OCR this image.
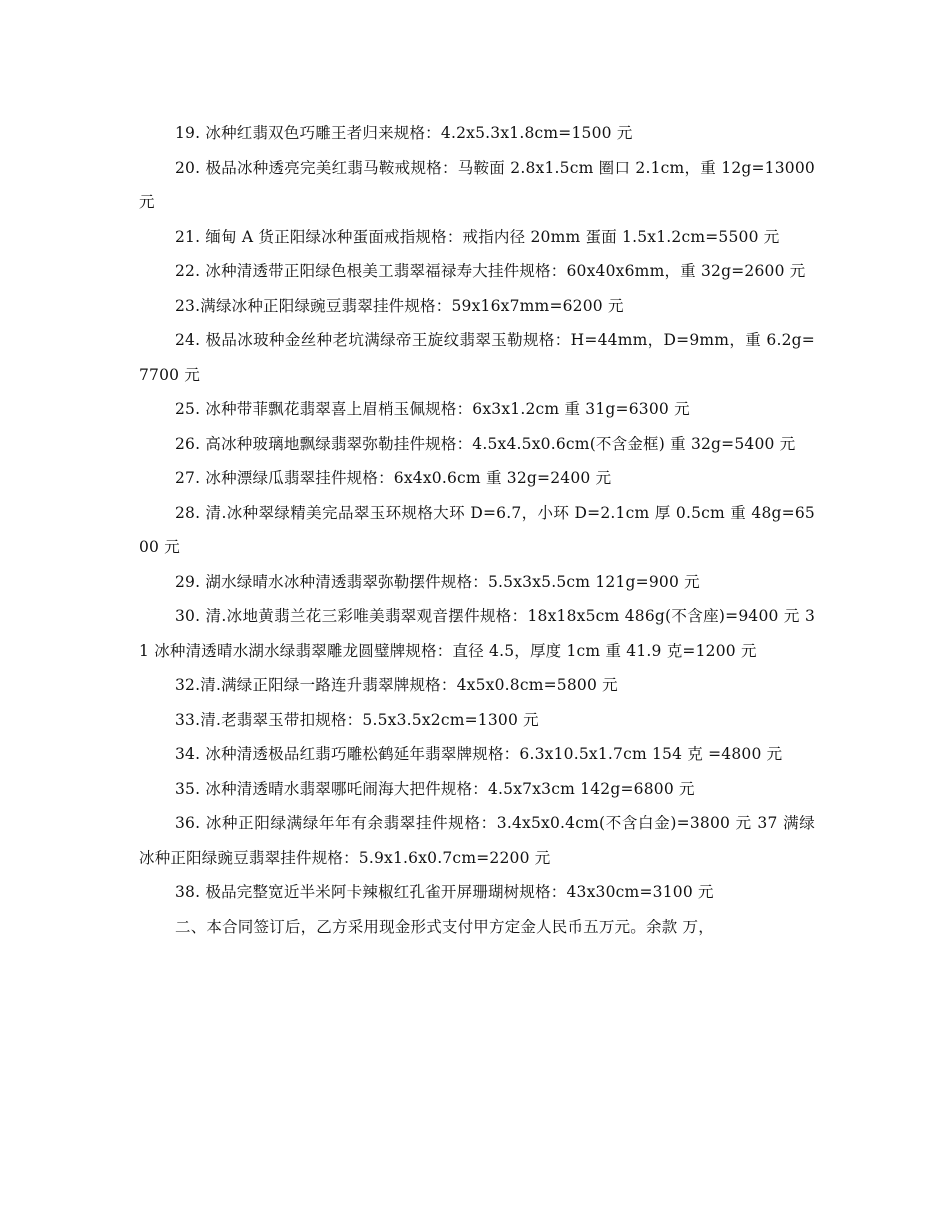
19. 冰种红翡双色巧雕王者归来规格：4.2x5.3x1.8cm=1500 元

20. 极品冰种透亮完美红翡马鞍戒规格：马鞍面 2.8x1.5cm 圈口 2.1cm，重 12g=13000 元

21. 缅甸 A 货正阳绿冰种蛋面戒指规格：戒指内径 20mm 蛋面 1.5x1.2cm=5500 元

22. 冰种清透带正阳绿色根美工翡翠福禄寿大挂件规格：60x40x6mm，重 32g=2600 元

23.满绿冰种正阳绿豌豆翡翠挂件规格：59x16x7mm=6200 元

24. 极品冰玻种金丝种老坑满绿帝王旋纹翡翠玉勒规格：H=44mm，D=9mm，重 6.2g=7700 元

25. 冰种带菲飘花翡翠喜上眉梢玉佩规格：6x3x1.2cm 重 31g=6300 元

26. 高冰种玻璃地飘绿翡翠弥勒挂件规格：4.5x4.5x0.6cm(不含金框) 重 32g=5400 元

27. 冰种漂绿瓜翡翠挂件规格：6x4x0.6cm 重 32g=2400 元

28. 清.冰种翠绿精美完品翠玉环规格大环 D=6.7，小环 D=2.1cm 厚 0.5cm 重 48g=6500 元

29. 湖水绿晴水冰种清透翡翠弥勒摆件规格：5.5x3x5.5cm 121g=900 元

30. 清.冰地黄翡兰花三彩唯美翡翠观音摆件规格：18x18x5cm 486g(不含座)=9400 元 31 冰种清透晴水湖水绿翡翠雕龙圆璧牌规格：直径 4.5，厚度 1cm 重 41.9 克=1200 元

32.清.满绿正阳绿一路连升翡翠牌规格：4x5x0.8cm=5800 元

33.清.老翡翠玉带扣规格：5.5x3.5x2cm=1300 元

34. 冰种清透极品红翡巧雕松鹤延年翡翠牌规格：6.3x10.5x1.7cm 154 克 =4800 元

35. 冰种清透晴水翡翠哪吒闹海大把件规格：4.5x7x3cm 142g=6800 元

36. 冰种正阳绿满绿年年有余翡翠挂件规格：3.4x5x0.4cm(不含白金)=3800 元 37 满绿冰种正阳绿豌豆翡翠挂件规格：5.9x1.6x0.7cm=2200 元

38. 极品完整宽近半米阿卡辣椒红孔雀开屏珊瑚树规格：43x30cm=3100 元

二、本合同签订后，乙方采用现金形式支付甲方定金人民币五万元。余款 万，
